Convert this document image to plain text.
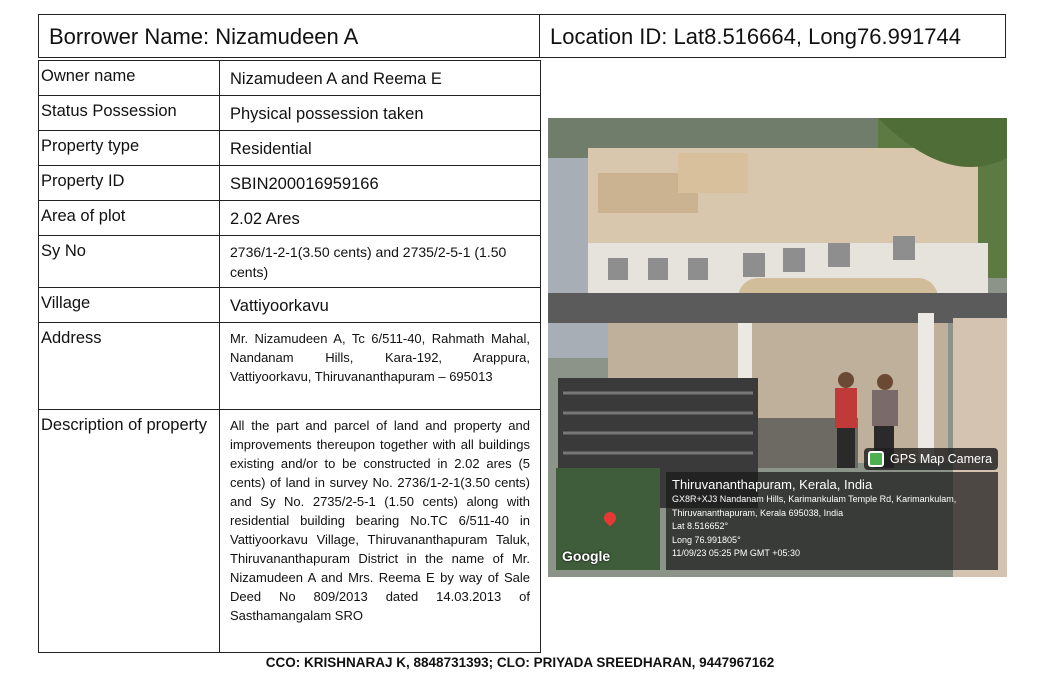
Borrower Name: Nizamudeen A	Location ID: Lat8.516664, Long76.991744
Owner name	Nizamudeen A and Reema E
Status Possession	Physical possession taken
Property type	Residential
Property ID	SBIN200016959166
Area of plot	2.02 Ares
Sy No	2736/1-2-1(3.50 cents) and 2735/2-5-1 (1.50 cents)
Village	Vattiyoorkavu
Address	Mr. Nizamudeen A, Tc 6/511-40, Rahmath Mahal, Nandanam Hills, Kara-192, Arappura, Vattiyoorkavu, Thiruvananthapuram – 695013
Description of property	All the part and parcel of land and property and improvements thereupon together with all buildings existing and/or to be constructed in 2.02 ares (5 cents) of land in survey No. 2736/1-2-1(3.50 cents) and Sy No. 2735/2-5-1 (1.50 cents) along with residential building bearing No.TC 6/511-40 in Vattiyoorkavu Village, Thiruvananthapuram Taluk, Thiruvananthapuram District in the name of Mr. Nizamudeen A and Mrs. Reema E by way of Sale Deed No 809/2013 dated 14.03.2013 of Sasthamangalam SRO
Google
GPS Map Camera
Thiruvananthapuram, Kerala, India
GX8R+XJ3 Nandanam Hills, Karimankulam Temple Rd, Karimankulam,
Thiruvananthapuram, Kerala 695038, India
Lat 8.516652°
Long 76.991805°
11/09/23 05:25 PM GMT +05:30
CCO: KRISHNARAJ K, 8848731393; CLO: PRIYADA SREEDHARAN, 9447967162
